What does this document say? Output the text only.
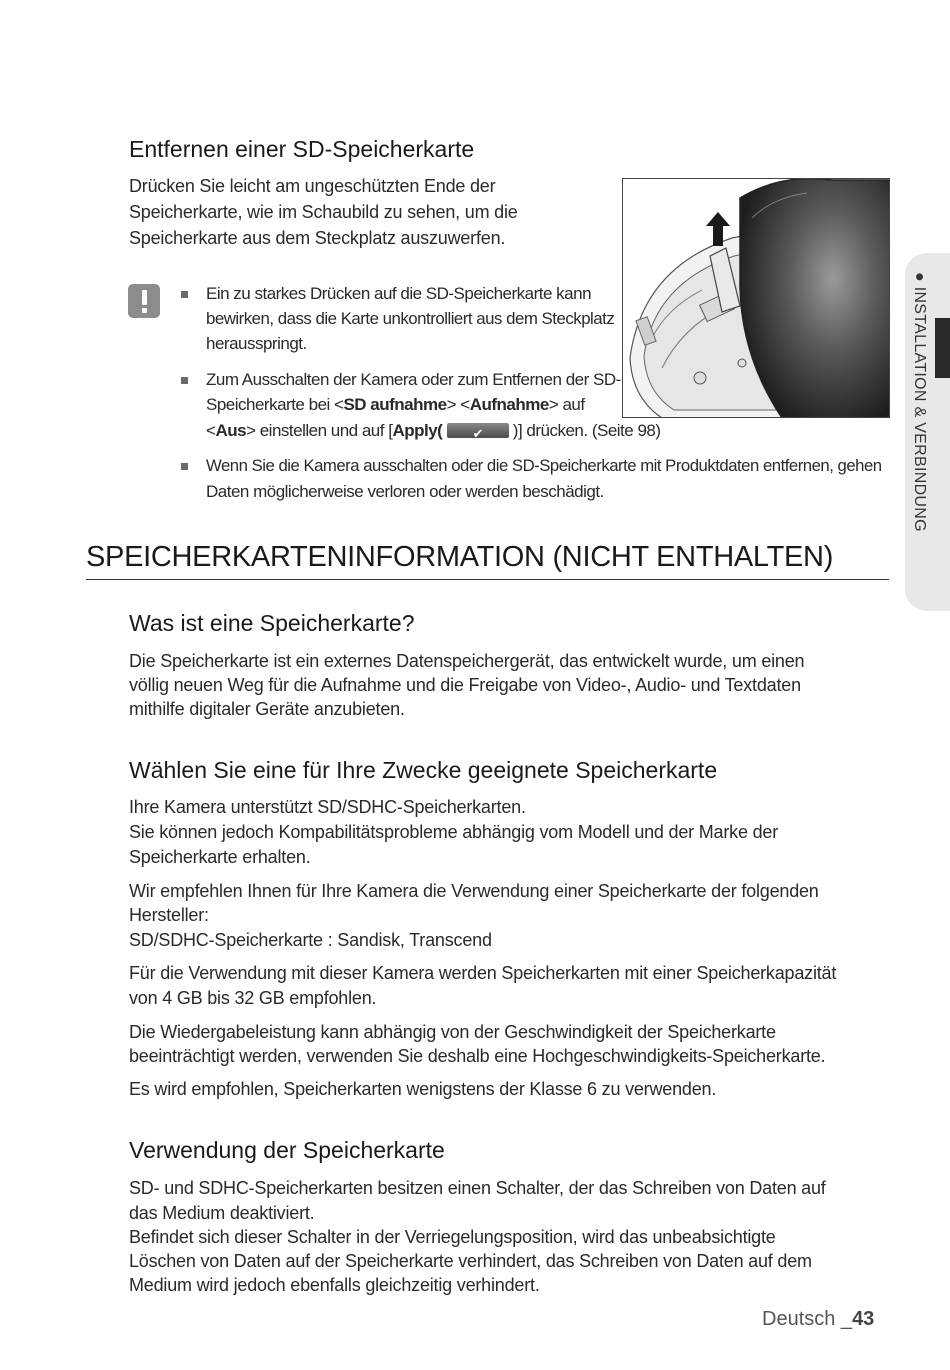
Entfernen einer SD-Speicherkarte

Drücken Sie leicht am ungeschützten Ende der

Speicherkarte, wie im Schaubild zu sehen, um die

Speicherkarte aus dem Steckplatz auszuwerfen.

Ein zu starkes Drücken auf die SD-Speicherkarte kann

bewirken, dass die Karte unkontrolliert aus dem Steckplatz

herausspringt.

Zum Ausschalten der Kamera oder zum Entfernen der SD-

Speicherkarte bei <SD aufnahme> <Aufnahme> auf

<Aus> einstellen und auf [Apply( ✔ )] drücken. (Seite 98)

Wenn Sie die Kamera ausschalten oder die SD-Speicherkarte mit Produktdaten entfernen, gehen

Daten möglicherweise verloren oder werden beschädigt.

SPEICHERKARTENINFORMATION (NICHT ENTHALTEN)
Was ist eine Speicherkarte?

Die Speicherkarte ist ein externes Datenspeichergerät, das entwickelt wurde, um einen

völlig neuen Weg für die Aufnahme und die Freigabe von Video-, Audio- und Textdaten

mithilfe digitaler Geräte anzubieten.

Wählen Sie eine für Ihre Zwecke geeignete Speicherkarte

Ihre Kamera unterstützt SD/SDHC-Speicherkarten.

Sie können jedoch Kompabilitätsprobleme abhängig vom Modell und der Marke der

Speicherkarte erhalten.

Wir empfehlen Ihnen für Ihre Kamera die Verwendung einer Speicherkarte der folgenden

Hersteller:

SD/SDHC-Speicherkarte : Sandisk, Transcend

Für die Verwendung mit dieser Kamera werden Speicherkarten mit einer Speicherkapazität

von 4 GB bis 32 GB empfohlen.

Die Wiedergabeleistung kann abhängig von der Geschwindigkeit der Speicherkarte

beeinträchtigt werden, verwenden Sie deshalb eine Hochgeschwindigkeits-Speicherkarte.

Es wird empfohlen, Speicherkarten wenigstens der Klasse 6 zu verwenden.

Verwendung der Speicherkarte

SD- und SDHC-Speicherkarten besitzen einen Schalter, der das Schreiben von Daten auf

das Medium deaktiviert.

Befindet sich dieser Schalter in der Verriegelungsposition, wird das unbeabsichtigte

Löschen von Daten auf der Speicherkarte verhindert, das Schreiben von Daten auf dem

Medium wird jedoch ebenfalls gleichzeitig verhindert.

● INSTALLATION & VERBINDUNG
Deutsch _43
